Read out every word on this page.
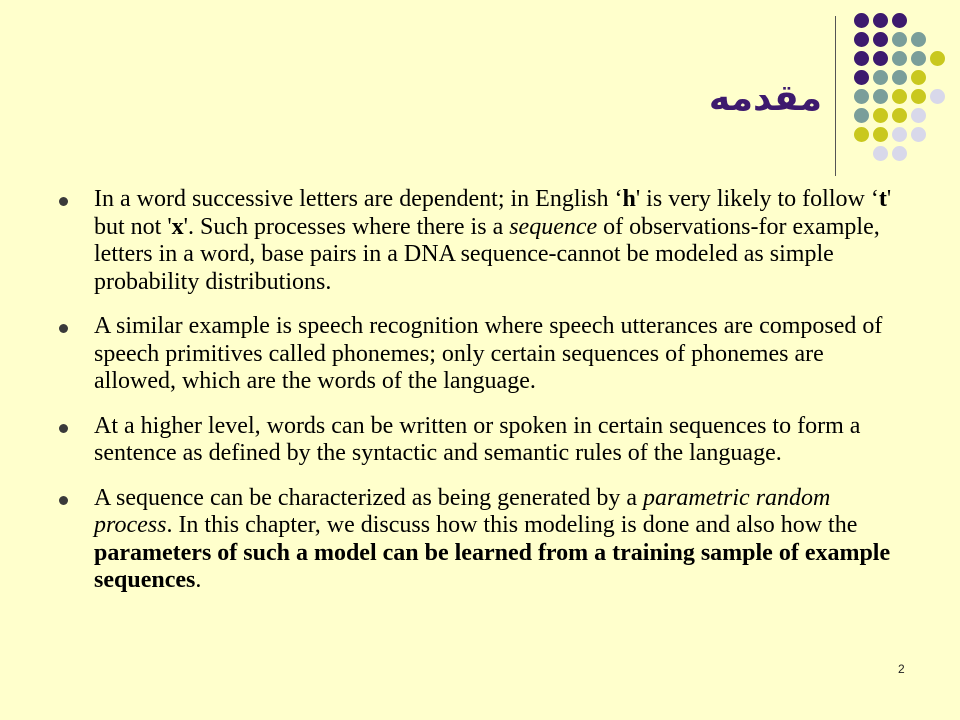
مقدمه
In a word successive letters are dependent; in English ‘h' is very likely to follow ‘t' but not 'x'. Such processes where there is a sequence of observations-for example, letters in a word, base pairs in a DNA sequence-cannot be modeled as simple probability distributions.
A similar example is speech recognition where speech utterances are composed of speech primitives called phonemes; only certain sequences of phonemes are allowed, which are the words of the language.
At a higher level, words can be written or spoken in certain sequences to form a sentence as defined by the syntactic and semantic rules of the language.
A sequence can be characterized as being generated by a parametric random process. In this chapter, we discuss how this modeling is done and also how the parameters of such a model can be learned from a training sample of example sequences.
2
